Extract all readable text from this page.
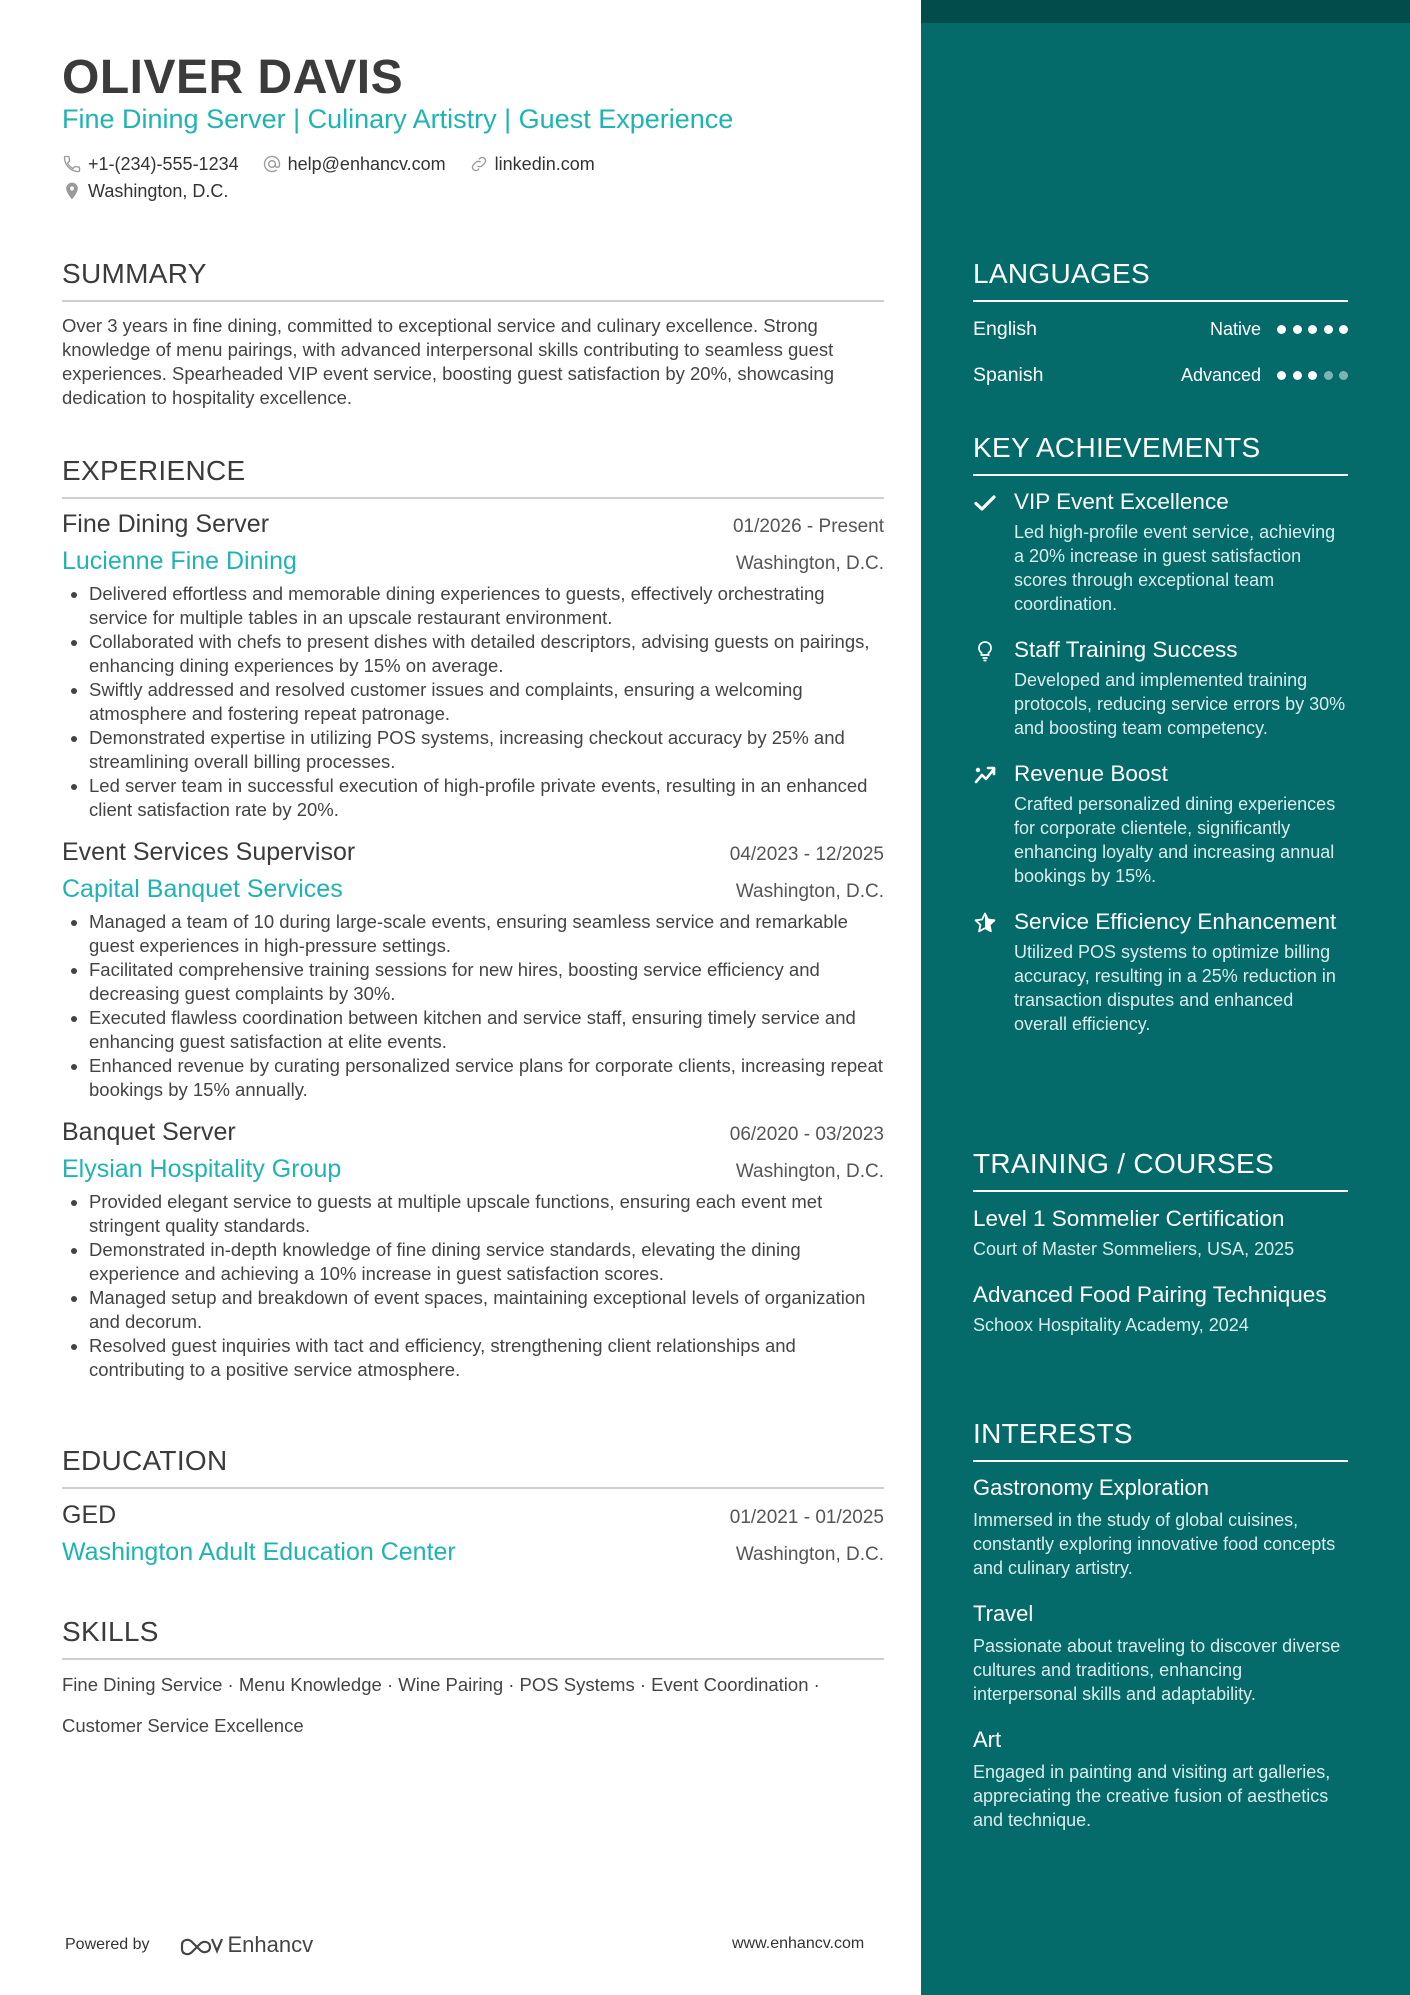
OLIVER DAVIS
Fine Dining Server | Culinary Artistry | Guest Experience
+1-(234)-555-1234
	help@enhancv.com
	linkedin.com

Washington, D.C.
SUMMARY
Over 3 years in fine dining, committed to exceptional service and culinary excellence. Strong knowledge of menu pairings, with advanced interpersonal skills contributing to seamless guest experiences. Spearheaded VIP event service, boosting guest satisfaction by 20%, showcasing dedication to hospitality excellence.
EXPERIENCE
Fine Dining Server	01/2026 - Present
Lucienne Fine Dining	Washington, D.C.
• Delivered effortless and memorable dining experiences to guests, effectively orchestrating service for multiple tables in an upscale restaurant environment.
• Collaborated with chefs to present dishes with detailed descriptors, advising guests on pairings, enhancing dining experiences by 15% on average.
• Swiftly addressed and resolved customer issues and complaints, ensuring a welcoming atmosphere and fostering repeat patronage.
• Demonstrated expertise in utilizing POS systems, increasing checkout accuracy by 25% and streamlining overall billing processes.
• Led server team in successful execution of high-profile private events, resulting in an enhanced client satisfaction rate by 20%.
Event Services Supervisor	04/2023 - 12/2025
Capital Banquet Services	Washington, D.C.
• Managed a team of 10 during large-scale events, ensuring seamless service and remarkable guest experiences in high-pressure settings.
• Facilitated comprehensive training sessions for new hires, boosting service efficiency and decreasing guest complaints by 30%.
• Executed flawless coordination between kitchen and service staff, ensuring timely service and enhancing guest satisfaction at elite events.
• Enhanced revenue by curating personalized service plans for corporate clients, increasing repeat bookings by 15% annually.
Banquet Server	06/2020 - 03/2023
Elysian Hospitality Group	Washington, D.C.
• Provided elegant service to guests at multiple upscale functions, ensuring each event met stringent quality standards.
• Demonstrated in-depth knowledge of fine dining service standards, elevating the dining experience and achieving a 10% increase in guest satisfaction scores.
• Managed setup and breakdown of event spaces, maintaining exceptional levels of organization and decorum.
• Resolved guest inquiries with tact and efficiency, strengthening client relationships and contributing to a positive service atmosphere.
EDUCATION
GED	01/2021 - 01/2025
Washington Adult Education Center	Washington, D.C.
SKILLS
Fine Dining Service · Menu Knowledge · Wine Pairing · POS Systems · Event Coordination ·
Customer Service Excellence
Powered by	Enhancv	www.enhancv.com
LANGUAGES
English	Native
Spanish	Advanced
KEY ACHIEVEMENTS
VIP Event Excellence
Led high-profile event service, achieving a 20% increase in guest satisfaction scores through exceptional team coordination.
Staff Training Success
Developed and implemented training protocols, reducing service errors by 30% and boosting team competency.
Revenue Boost
Crafted personalized dining experiences for corporate clientele, significantly enhancing loyalty and increasing annual bookings by 15%.
Service Efficiency Enhancement
Utilized POS systems to optimize billing accuracy, resulting in a 25% reduction in transaction disputes and enhanced overall efficiency.
TRAINING / COURSES
Level 1 Sommelier Certification
Court of Master Sommeliers, USA, 2025
Advanced Food Pairing Techniques
Schoox Hospitality Academy, 2024
INTERESTS
Gastronomy Exploration
Immersed in the study of global cuisines, constantly exploring innovative food concepts and culinary artistry.
Travel
Passionate about traveling to discover diverse cultures and traditions, enhancing interpersonal skills and adaptability.
Art
Engaged in painting and visiting art galleries, appreciating the creative fusion of aesthetics and technique.
